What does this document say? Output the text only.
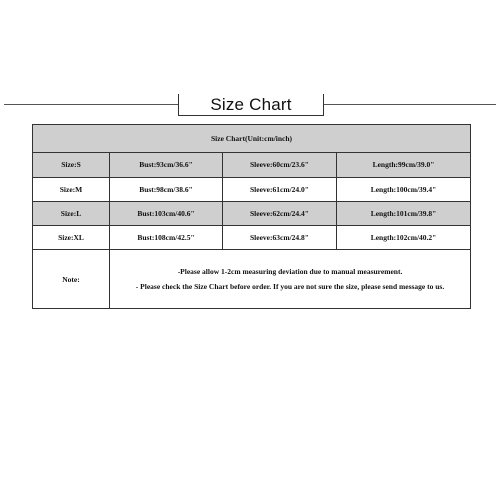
Size Chart
Size Chart(Unit:cm/inch)			
Size:S	Bust:93cm/36.6"	Sleeve:60cm/23.6"	Length:99cm/39.0"
Size:M	Bust:98cm/38.6"	Sleeve:61cm/24.0"	Length:100cm/39.4"
Size:L	Bust:103cm/40.6"	Sleeve:62cm/24.4"	Length:101cm/39.8"
Size:XL	Bust:108cm/42.5"	Sleeve:63cm/24.8"	Length:102cm/40.2"
Note:	-Please allow 1-2cm measuring deviation due to manual measurement.
- Please check the Size Chart before order. If you are not sure the size, please send message to us.		
